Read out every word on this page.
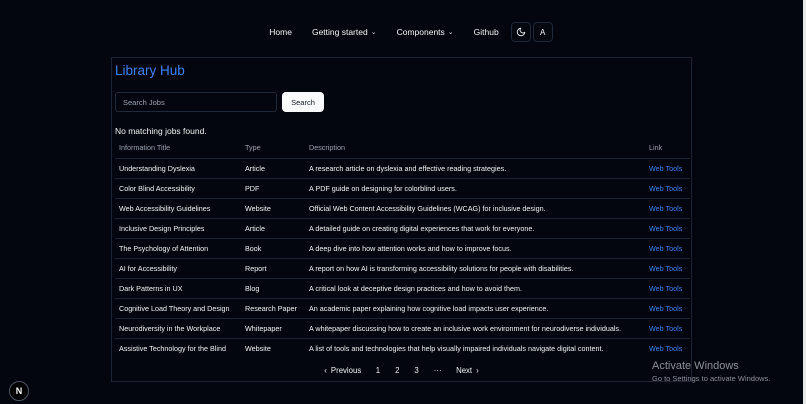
Home Getting started ⌄ Components ⌄ Github	A
Library Hub
Search Jobs
Search
No matching jobs found.
Information Title	Type	Description	Link
Understanding Dyslexia	Article	A research article on dyslexia and effective reading strategies.	Web Tools
Color Blind Accessibility	PDF	A PDF guide on designing for colorblind users.	Web Tools
Web Accessibility Guidelines	Website	Official Web Content Accessibility Guidelines (WCAG) for inclusive design.	Web Tools
Inclusive Design Principles	Article	A detailed guide on creating digital experiences that work for everyone.	Web Tools
The Psychology of Attention	Book	A deep dive into how attention works and how to improve focus.	Web Tools
AI for Accessibility	Report	A report on how AI is transforming accessibility solutions for people with disabilities.	Web Tools
Dark Patterns in UX	Blog	A critical look at deceptive design practices and how to avoid them.	Web Tools
Cognitive Load Theory and Design	Research Paper	An academic paper explaining how cognitive load impacts user experience.	Web Tools
Neurodiversity in the Workplace	Whitepaper	A whitepaper discussing how to create an inclusive work environment for neurodiverse individuals.	Web Tools
Assistive Technology for the Blind	Website	A list of tools and technologies that help visually impaired individuals navigate digital content.	Web Tools
‹ Previous	1	2	3	···	Next ›	Activate Windows
Go to Settings to activate Windows.
N
